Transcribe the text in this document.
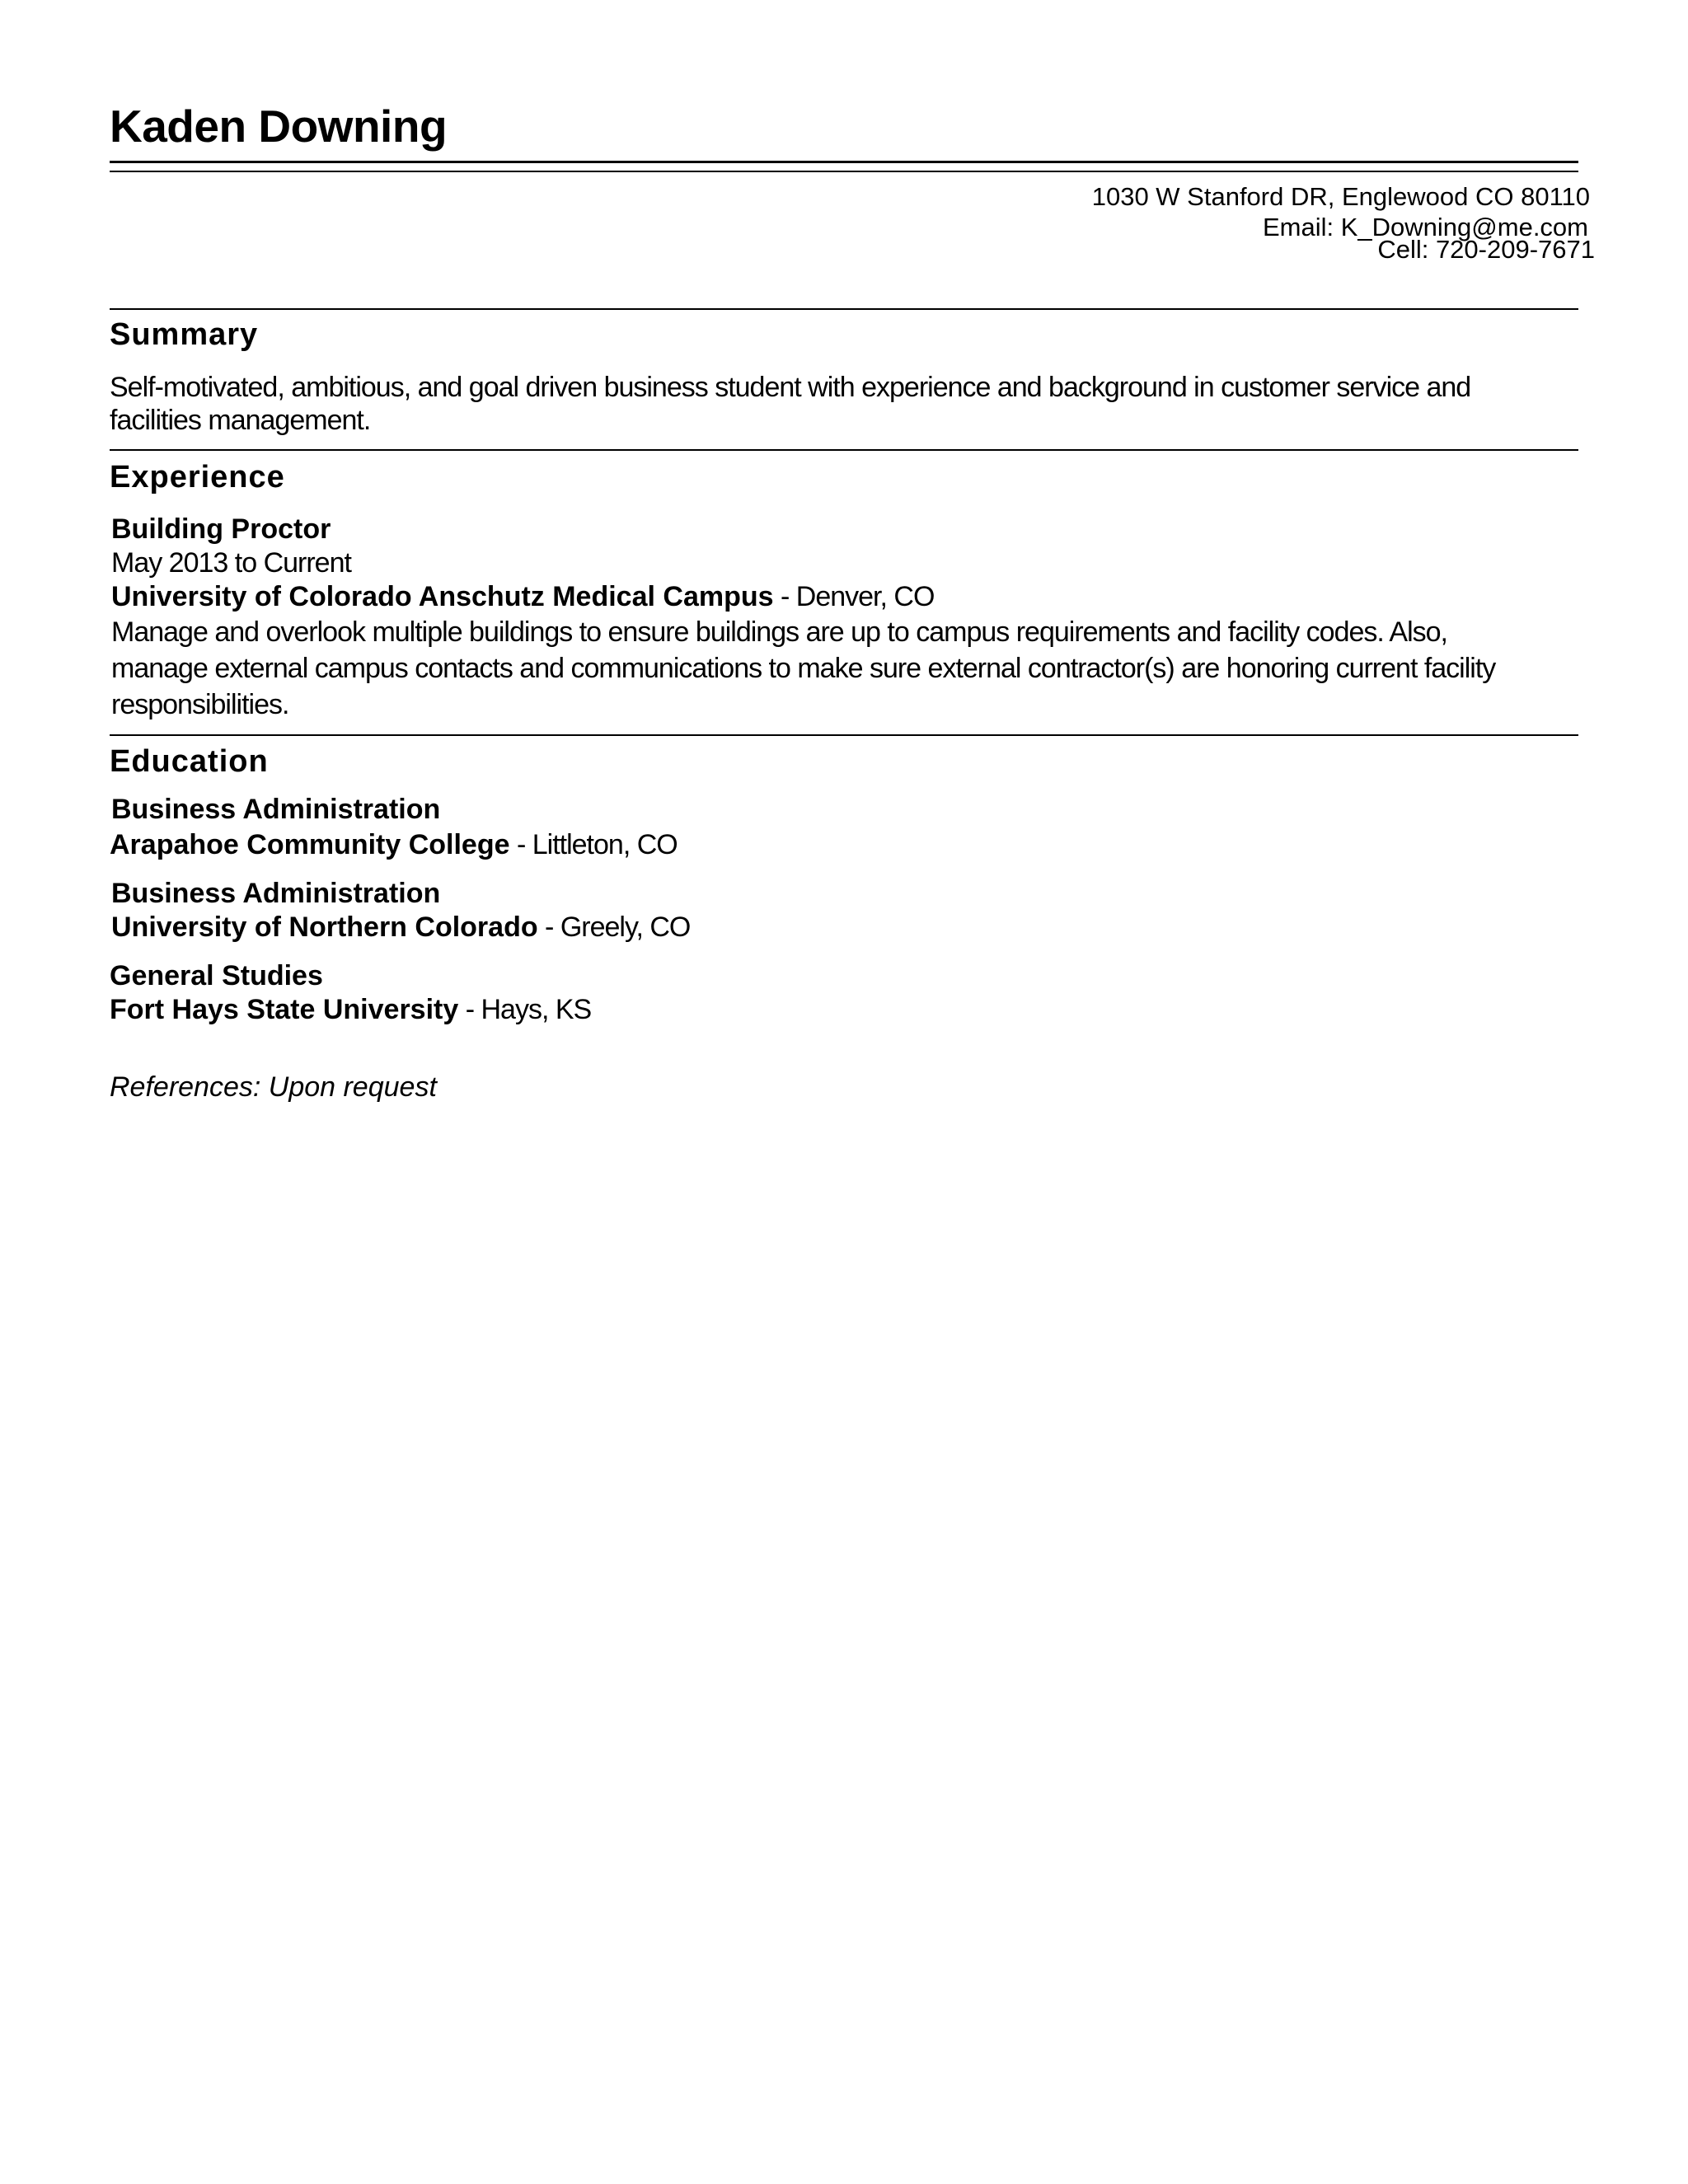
Kaden Downing
1030 W Stanford DR, Englewood CO 80110
Email: K_Downing@me.com
Cell: 720-209-7671
Summary

Self-motivated, ambitious, and goal driven business student with experience and background in customer service and
facilities management.

Experience
Building Proctor
May 2013 to Current
University of Colorado Anschutz Medical Campus - Denver, CO

Manage and overlook multiple buildings to ensure buildings are up to campus requirements and facility codes. Also,
manage external campus contacts and communications to make sure external contractor(s) are honoring current facility
responsibilities.

Education
Business Administration
Arapahoe Community College - Littleton, CO
Business Administration
University of Northern Colorado - Greely, CO
General Studies
Fort Hays State University - Hays, KS
References: Upon request
